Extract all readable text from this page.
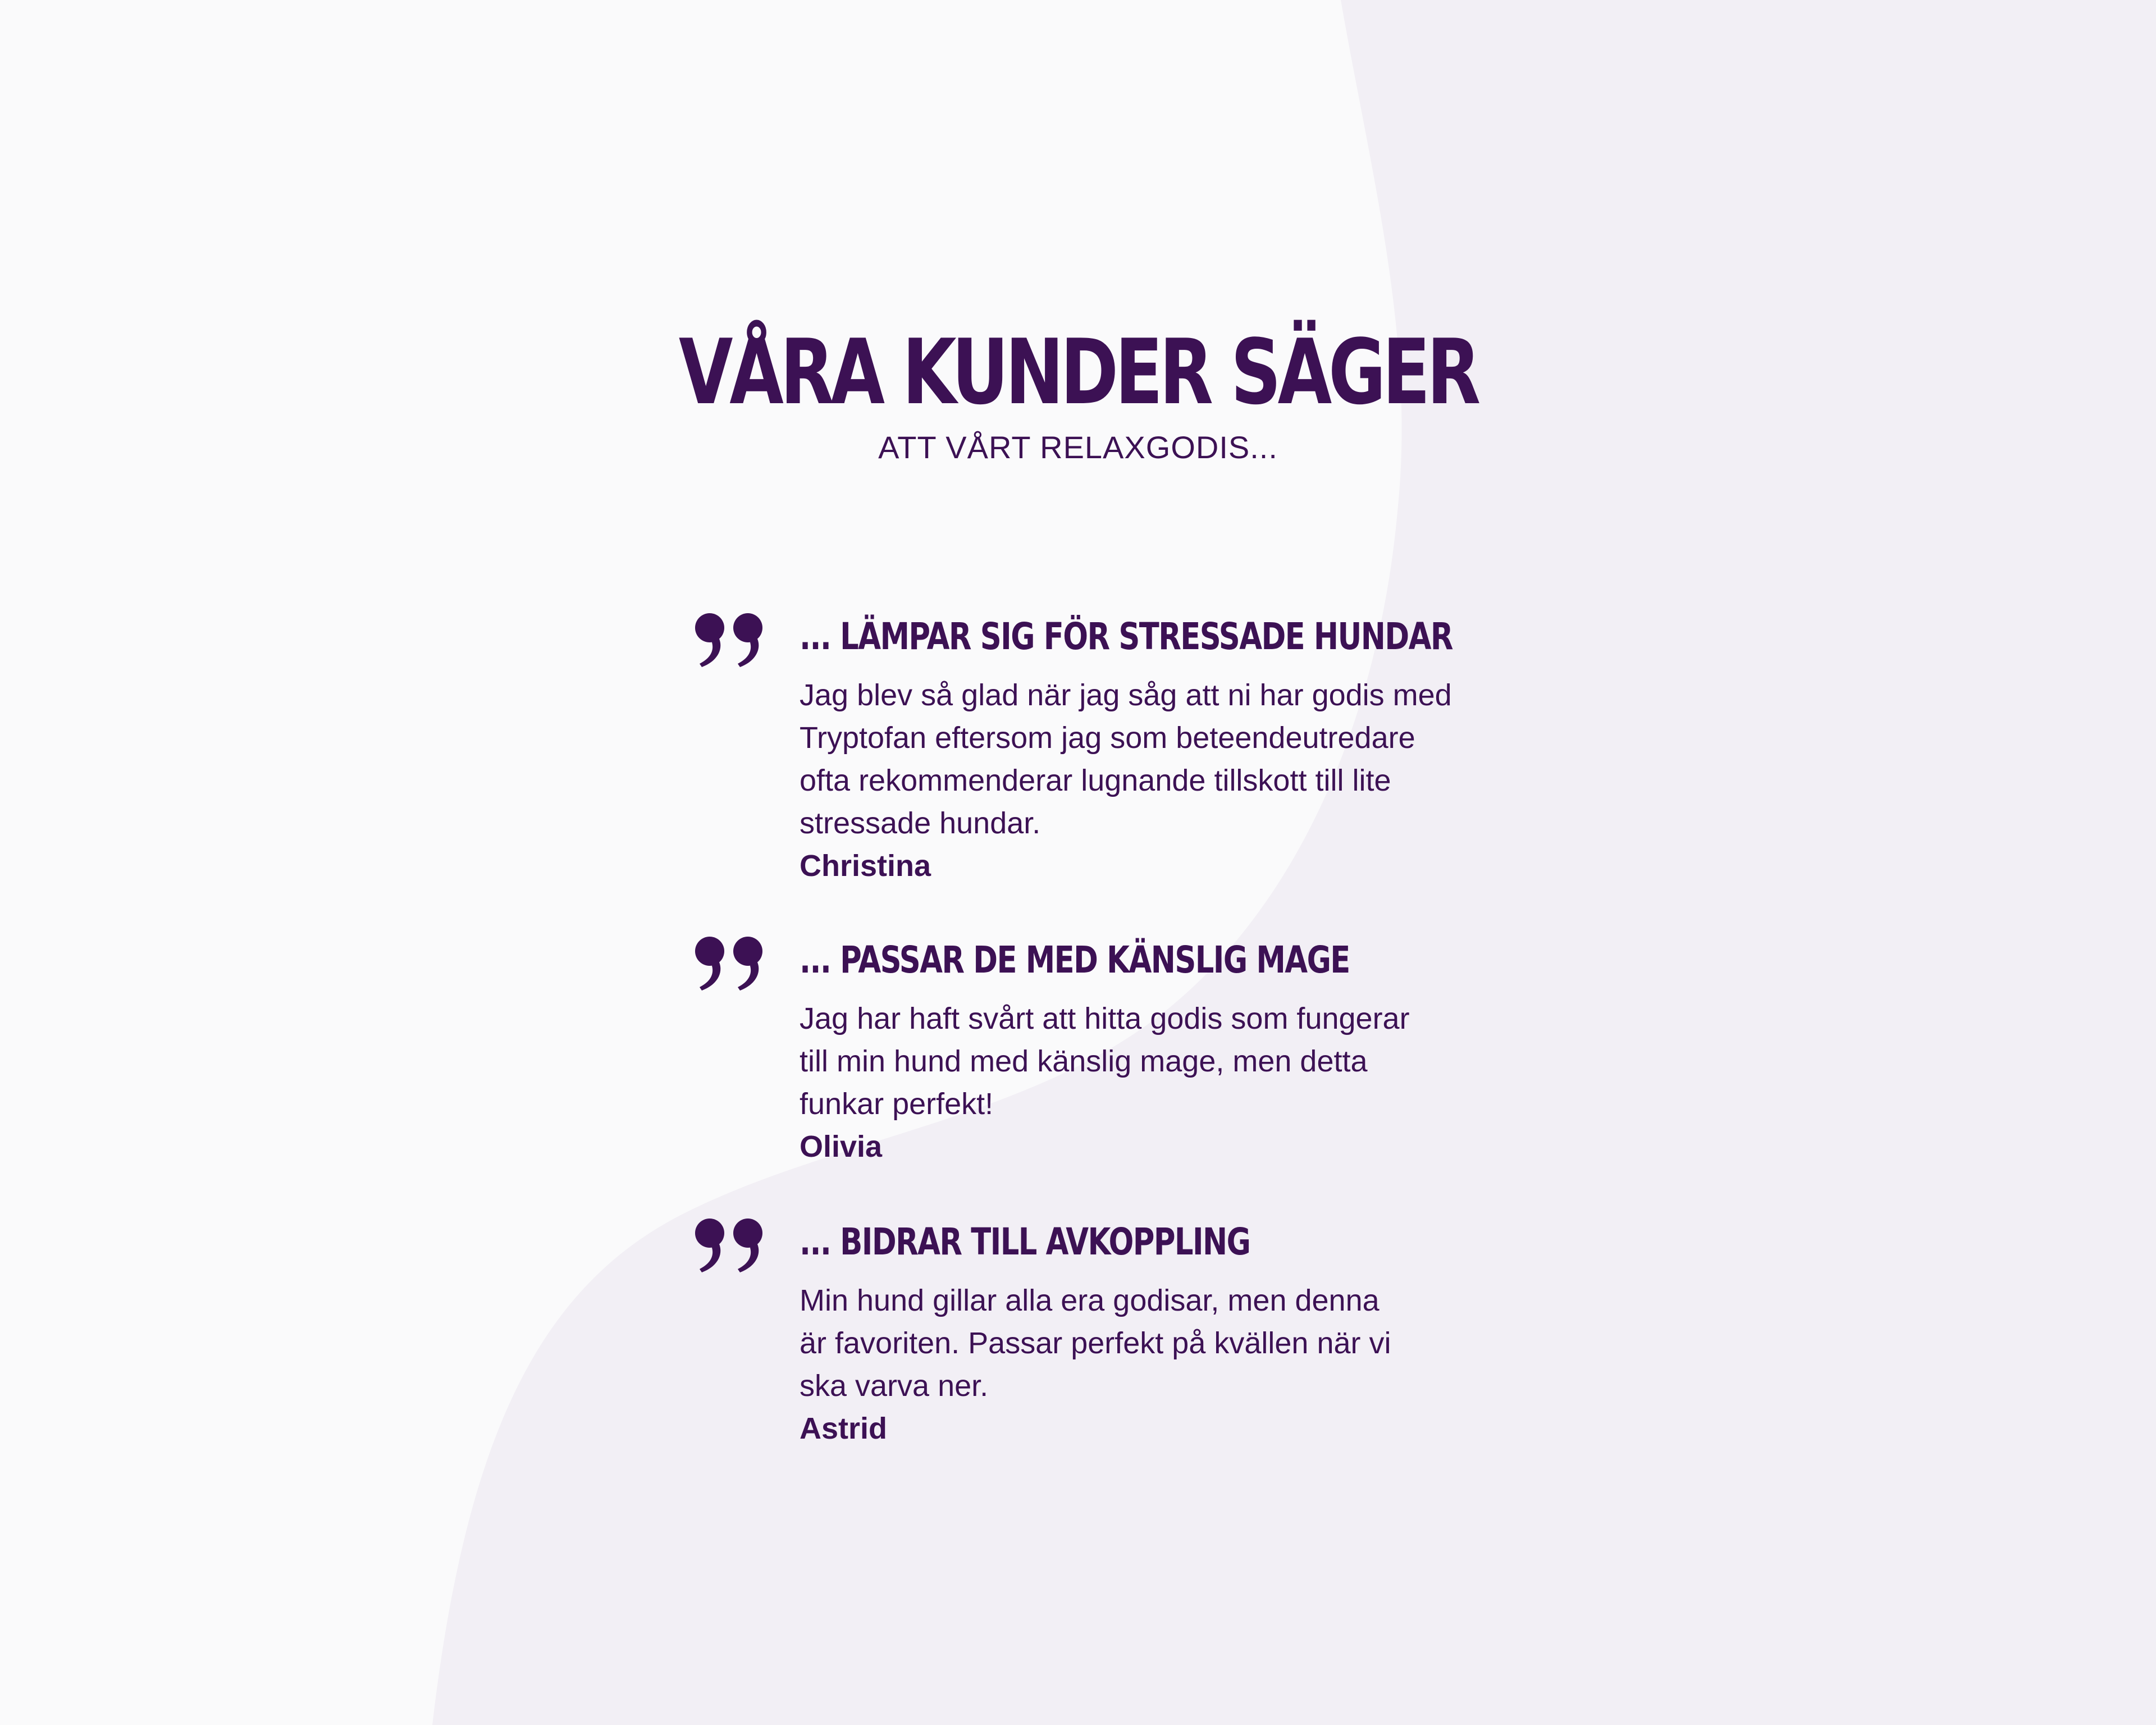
VÅRA KUNDER SÄGER

ATT VÅRT RELAXGODIS...

... LÄMPAR SIG FÖR STRESSADE HUNDAR

Jag blev så glad när jag såg att ni har godis med
Tryptofan eftersom jag som beteendeutredare
ofta rekommenderar lugnande tillskott till lite
stressade hundar.
Christina

... PASSAR DE MED KÄNSLIG MAGE

Jag har haft svårt att hitta godis som fungerar
till min hund med känslig mage, men detta
funkar perfekt!
Olivia

... BIDRAR TILL AVKOPPLING

Min hund gillar alla era godisar, men denna
är favoriten. Passar perfekt på kvällen när vi
ska varva ner.
Astrid
